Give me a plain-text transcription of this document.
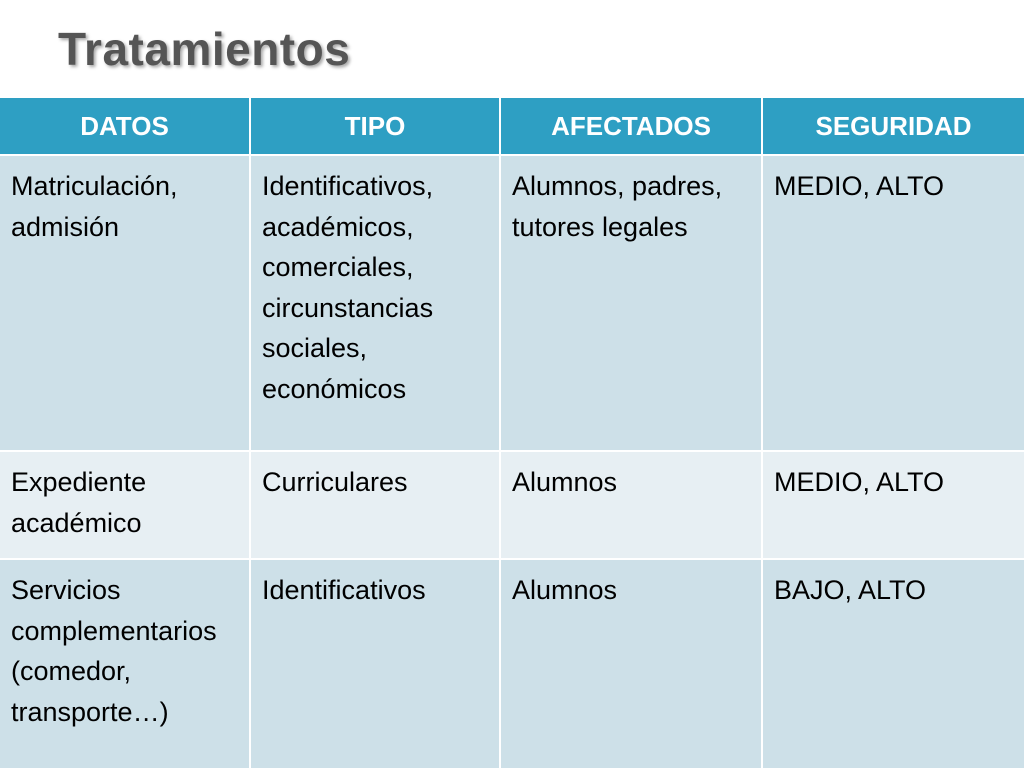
Tratamientos
DATOS	TIPO	AFECTADOS	SEGURIDAD
Matriculación, admisión	Identificativos, académicos, comerciales, circunstancias sociales, económicos	Alumnos, padres, tutores legales	MEDIO, ALTO
Expediente académico	Curriculares	Alumnos	MEDIO, ALTO
Servicios complementarios (comedor, transporte…)	Identificativos	Alumnos	BAJO, ALTO
